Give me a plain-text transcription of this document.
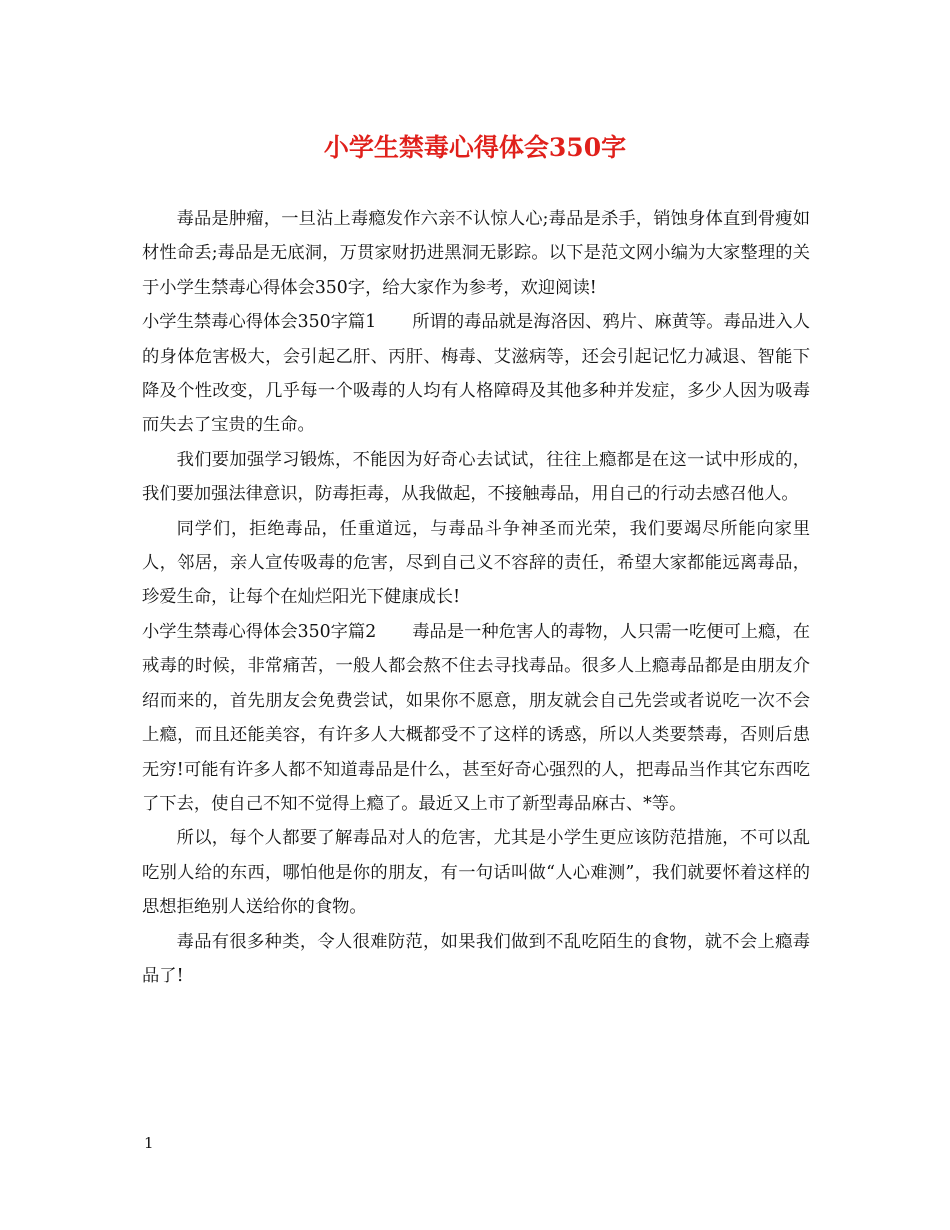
小学生禁毒心得体会350字

毒品是肿瘤，一旦沾上毒瘾发作六亲不认惊人心;毒品是杀手，销蚀身体直到骨瘦如材性命丢;毒品是无底洞，万贯家财扔进黑洞无影踪。以下是范文网小编为大家整理的关于小学生禁毒心得体会350字，给大家作为参考，欢迎阅读!

小学生禁毒心得体会350字篇1 所谓的毒品就是海洛因、鸦片、麻黄等。毒品进入人的身体危害极大，会引起乙肝、丙肝、梅毒、艾滋病等，还会引起记忆力减退、智能下降及个性改变，几乎每一个吸毒的人均有人格障碍及其他多种并发症，多少人因为吸毒而失去了宝贵的生命。

我们要加强学习锻炼，不能因为好奇心去试试，往往上瘾都是在这一试中形成的，我们要加强法律意识，防毒拒毒，从我做起，不接触毒品，用自己的行动去感召他人。

同学们，拒绝毒品，任重道远，与毒品斗争神圣而光荣，我们要竭尽所能向家里人，邻居，亲人宣传吸毒的危害，尽到自己义不容辞的责任，希望大家都能远离毒品，珍爱生命，让每个在灿烂阳光下健康成长!

小学生禁毒心得体会350字篇2 毒品是一种危害人的毒物，人只需一吃便可上瘾，在戒毒的时候，非常痛苦，一般人都会熬不住去寻找毒品。很多人上瘾毒品都是由朋友介绍而来的，首先朋友会免费尝试，如果你不愿意，朋友就会自己先尝或者说吃一次不会上瘾，而且还能美容，有许多人大概都受不了这样的诱惑，所以人类要禁毒，否则后患无穷!可能有许多人都不知道毒品是什么，甚至好奇心强烈的人，把毒品当作其它东西吃了下去，使自己不知不觉得上瘾了。最近又上市了新型毒品麻古、*等。

所以，每个人都要了解毒品对人的危害，尤其是小学生更应该防范措施，不可以乱吃别人给的东西，哪怕他是你的朋友，有一句话叫做“人心难测”，我们就要怀着这样的思想拒绝别人送给你的食物。

毒品有很多种类，令人很难防范，如果我们做到不乱吃陌生的食物，就不会上瘾毒品了!

1
